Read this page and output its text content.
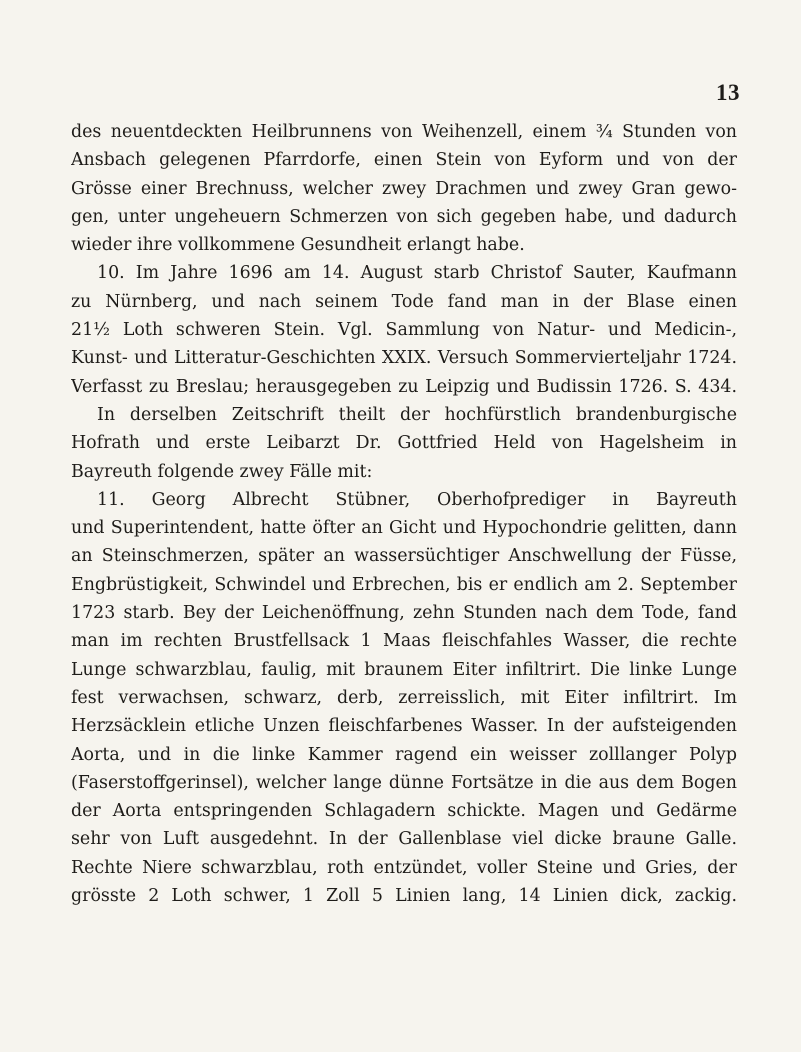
13
des neuentdeckten Heilbrunnens von Weihenzell, einem ¾ Stunden von
Ansbach gelegenen Pfarrdorfe, einen Stein von Eyform und von der
Grösse einer Brechnuss, welcher zwey Drachmen und zwey Gran gewo-
gen, unter ungeheuern Schmerzen von sich gegeben habe, und dadurch
wieder ihre vollkommene Gesundheit erlangt habe.
10. Im Jahre 1696 am 14. August starb Christof Sauter, Kaufmann
zu Nürnberg, und nach seinem Tode fand man in der Blase einen
21½ Loth schweren Stein. Vgl. Sammlung von Natur- und Medicin-,
Kunst- und Litteratur-Geschichten XXIX. Versuch Sommervierteljahr 1724.
Verfasst zu Breslau; herausgegeben zu Leipzig und Budissin 1726. S. 434.
In derselben Zeitschrift theilt der hochfürstlich brandenburgische
Hofrath und erste Leibarzt Dr. Gottfried Held von Hagelsheim in
Bayreuth folgende zwey Fälle mit:
11. Georg Albrecht Stübner, Oberhofprediger in Bayreuth
und Superintendent, hatte öfter an Gicht und Hypochondrie gelitten, dann
an Steinschmerzen, später an wassersüchtiger Anschwellung der Füsse,
Engbrüstigkeit, Schwindel und Erbrechen, bis er endlich am 2. September
1723 starb. Bey der Leichenöffnung, zehn Stunden nach dem Tode, fand
man im rechten Brustfellsack 1 Maas fleischfahles Wasser, die rechte
Lunge schwarzblau, faulig, mit braunem Eiter infiltrirt. Die linke Lunge
fest verwachsen, schwarz, derb, zerreisslich, mit Eiter infiltrirt. Im
Herzsäcklein etliche Unzen fleischfarbenes Wasser. In der aufsteigenden
Aorta, und in die linke Kammer ragend ein weisser zolllanger Polyp
(Faserstoffgerinsel), welcher lange dünne Fortsätze in die aus dem Bogen
der Aorta entspringenden Schlagadern schickte. Magen und Gedärme
sehr von Luft ausgedehnt. In der Gallenblase viel dicke braune Galle.
Rechte Niere schwarzblau, roth entzündet, voller Steine und Gries, der
grösste 2 Loth schwer, 1 Zoll 5 Linien lang, 14 Linien dick, zackig.
